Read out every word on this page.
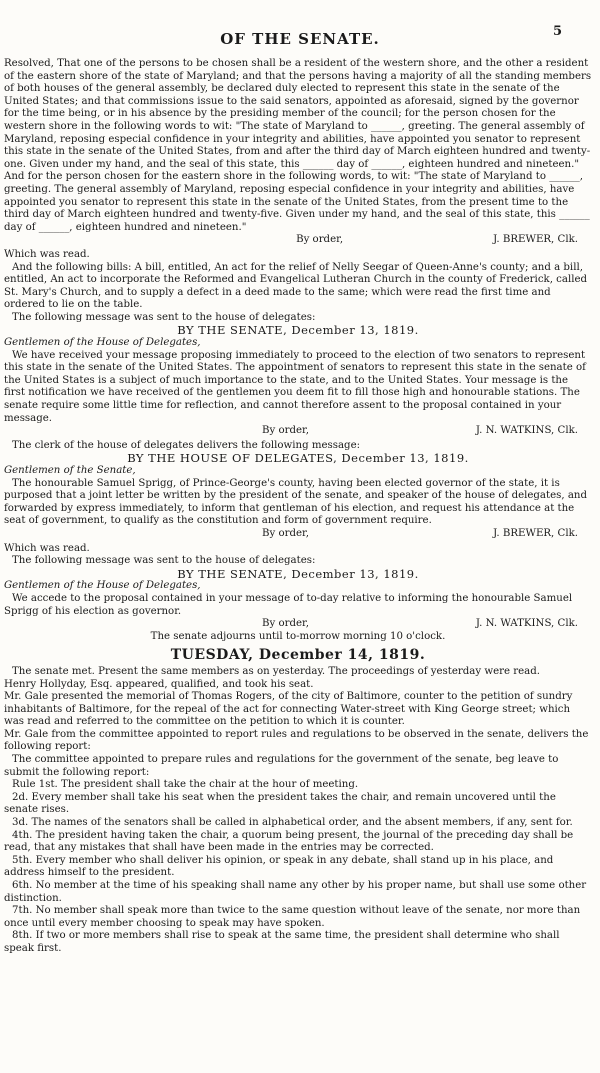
5
OF THE SENATE.

Resolved, That one of the persons to be chosen shall be a resident of the western shore, and the other a resident of the eastern shore of the state of Maryland; and that the persons having a majority of all the standing members of both houses of the general assembly, be declared duly elected to represent this state in the senate of the United States; and that commissions issue to the said senators, appointed as aforesaid, signed by the governor for the time being, or in his absence by the presiding member of the council; for the person chosen for the western shore in the following words to wit: "The state of Maryland to ______, greeting. The general assembly of Maryland, reposing especial confidence in your integrity and abilities, have appointed you senator to represent this state in the senate of the United States, from and after the third day of March eighteen hundred and twenty-one. Given under my hand, and the seal of this state, this ______ day of ______, eighteen hundred and nineteen." And for the person chosen for the eastern shore in the following words, to wit: "The state of Maryland to ______, greeting. The general assembly of Maryland, reposing especial confidence in your integrity and abilities, have appointed you senator to represent this state in the senate of the United States, from the present time to the third day of March eighteen hundred and twenty-five. Given under my hand, and the seal of this state, this ______ day of ______, eighteen hundred and nineteen."

By order,	J. BREWER, Clk.

Which was read.

And the following bills: A bill, entitled, An act for the relief of Nelly Seegar of Queen-Anne's county; and a bill, entitled, An act to incorporate the Reformed and Evangelical Lutheran Church in the county of Frederick, called St. Mary's Church, and to supply a defect in a deed made to the same; which were read the first time and ordered to lie on the table.

The following message was sent to the house of delegates:

BY THE SENATE, December 13, 1819.

Gentlemen of the House of Delegates,

We have received your message proposing immediately to proceed to the election of two senators to represent this state in the senate of the United States. The appointment of senators to represent this state in the senate of the United States is a subject of much importance to the state, and to the United States. Your message is the first notification we have received of the gentlemen you deem fit to fill those high and honourable stations. The senate require some little time for reflection, and cannot therefore assent to the proposal contained in your message.

By order,	J. N. WATKINS, Clk.

The clerk of the house of delegates delivers the following message:

BY THE HOUSE OF DELEGATES, December 13, 1819.

Gentlemen of the Senate,

The honourable Samuel Sprigg, of Prince-George's county, having been elected governor of the state, it is purposed that a joint letter be written by the president of the senate, and speaker of the house of delegates, and forwarded by express immediately, to inform that gentleman of his election, and request his attendance at the seat of government, to qualify as the constitution and form of government require.

By order,	J. BREWER, Clk.

Which was read.

The following message was sent to the house of delegates:

BY THE SENATE, December 13, 1819.

Gentlemen of the House of Delegates,

We accede to the proposal contained in your message of to-day relative to informing the honourable Samuel Sprigg of his election as governor.

By order,	J. N. WATKINS, Clk.

The senate adjourns until to-morrow morning 10 o'clock.

TUESDAY, December 14, 1819.

The senate met. Present the same members as on yesterday. The proceedings of yesterday were read.

Henry Hollyday, Esq. appeared, qualified, and took his seat.

Mr. Gale presented the memorial of Thomas Rogers, of the city of Baltimore, counter to the petition of sundry inhabitants of Baltimore, for the repeal of the act for connecting Water-street with King George street; which was read and referred to the committee on the petition to which it is counter.

Mr. Gale from the committee appointed to report rules and regulations to be observed in the senate, delivers the following report:

The committee appointed to prepare rules and regulations for the government of the senate, beg leave to submit the following report:

Rule 1st. The president shall take the chair at the hour of meeting.

2d. Every member shall take his seat when the president takes the chair, and remain uncovered until the senate rises.

3d. The names of the senators shall be called in alphabetical order, and the absent members, if any, sent for.

4th. The president having taken the chair, a quorum being present, the journal of the preceding day shall be read, that any mistakes that shall have been made in the entries may be corrected.

5th. Every member who shall deliver his opinion, or speak in any debate, shall stand up in his place, and address himself to the president.

6th. No member at the time of his speaking shall name any other by his proper name, but shall use some other distinction.

7th. No member shall speak more than twice to the same question without leave of the senate, nor more than once until every member choosing to speak may have spoken.

8th. If two or more members shall rise to speak at the same time, the president shall determine who shall speak first.
